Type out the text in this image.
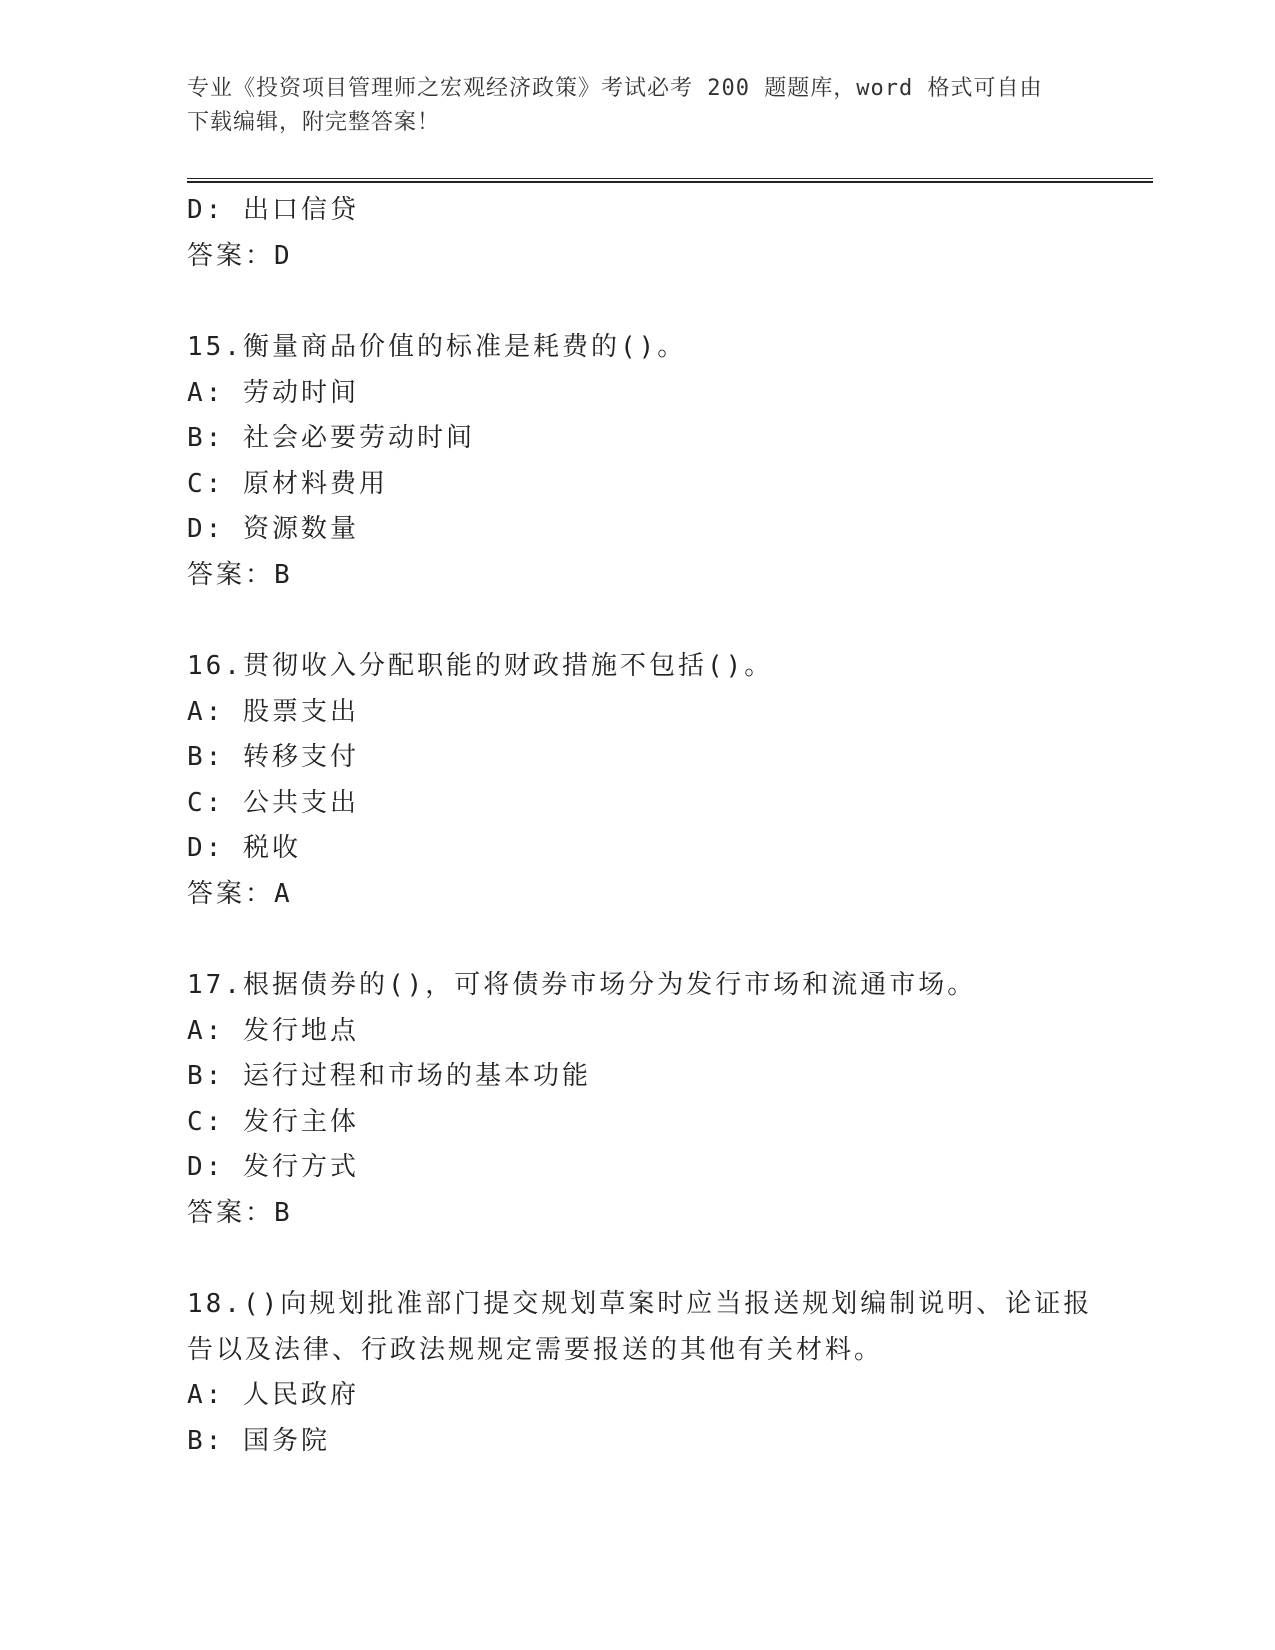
专业《投资项目管理师之宏观经济政策》考试必考 200 题题库，word 格式可自由
下载编辑，附完整答案！
D: 出口信贷
答案：D
15.衡量商品价值的标准是耗费的()。
A: 劳动时间
B: 社会必要劳动时间
C: 原材料费用
D: 资源数量
答案：B
16.贯彻收入分配职能的财政措施不包括()。
A: 股票支出
B: 转移支付
C: 公共支出
D: 税收
答案：A
17.根据债券的()，可将债券市场分为发行市场和流通市场。
A: 发行地点
B: 运行过程和市场的基本功能
C: 发行主体
D: 发行方式
答案：B
18.()向规划批准部门提交规划草案时应当报送规划编制说明、论证报
告以及法律、行政法规规定需要报送的其他有关材料。
A: 人民政府
B: 国务院
